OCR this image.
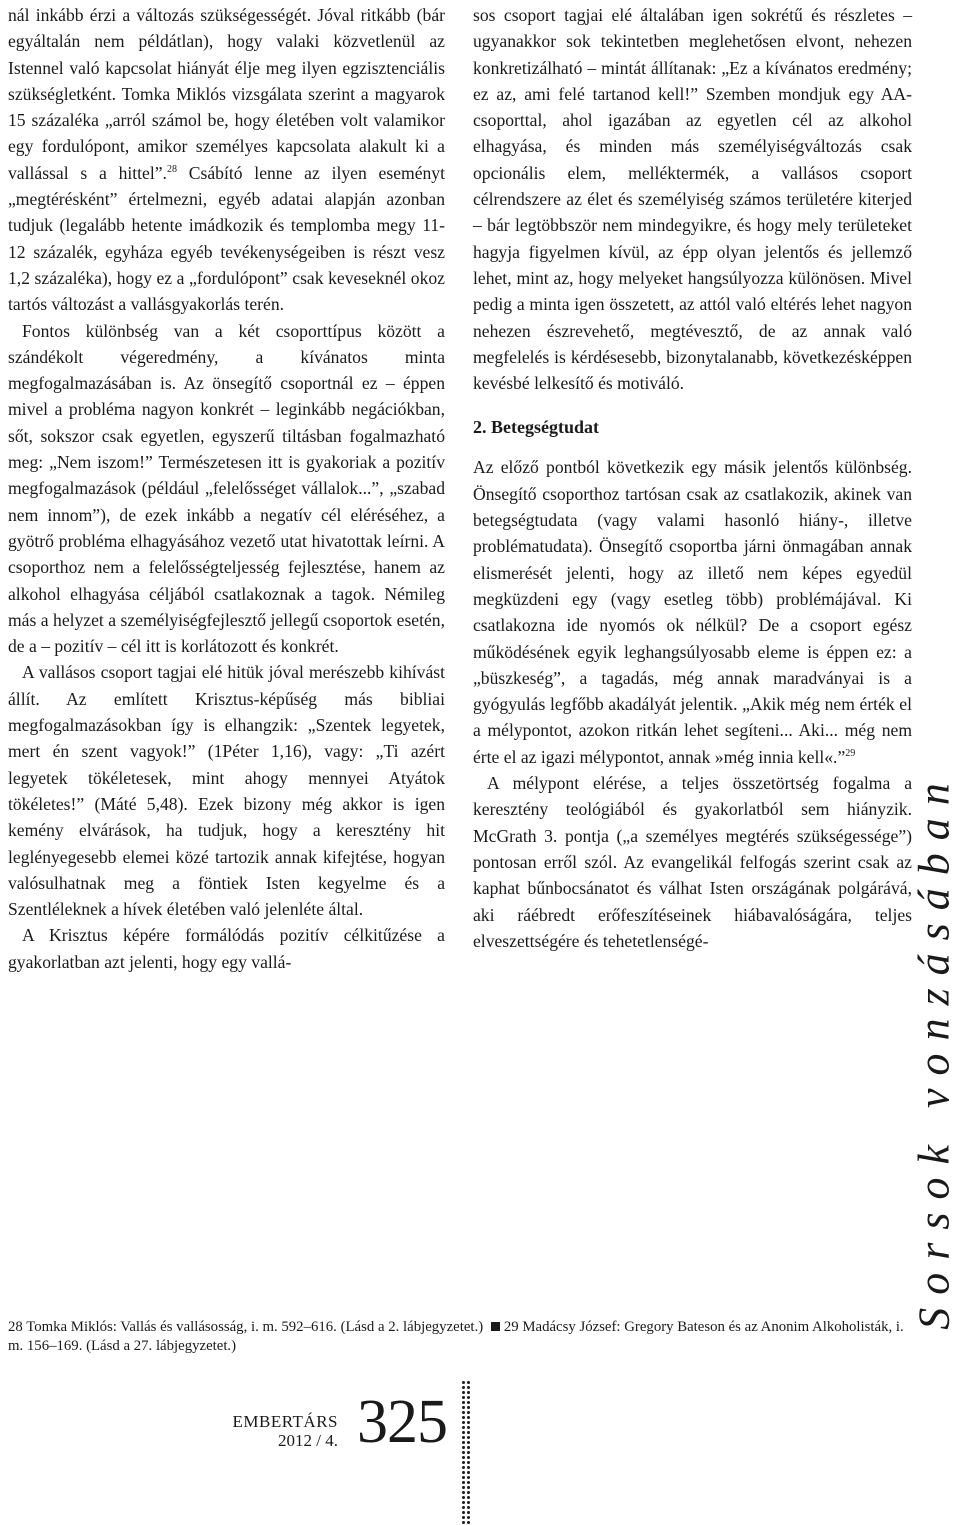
nál inkább érzi a változás szükségességét. Jóval ritkább (bár egyáltalán nem példátlan), hogy valaki közvetlenül az Istennel való kapcsolat hiányát élje meg ilyen egzisztenciális szükségletként. Tomka Miklós vizsgálata szerint a magyarok 15 százaléka „arról számol be, hogy életében volt valamikor egy fordulópont, amikor személyes kapcsolata alakult ki a vallással s a hittel”.$^{28}$ Csábító lenne az ilyen eseményt „megtérésként” értelmezni, egyéb adatai alapján azonban tudjuk (legalább hetente imádkozik és templomba megy 11-12 százalék, egyháza egyéb tevékenységeiben is részt vesz 1,2 százaléka), hogy ez a „fordulópont” csak keveseknél okoz tartós változást a vallásgyakorlás terén.

Fontos különbség van a két csoporttípus között a szándékolt végeredmény, a kívánatos minta megfogalmazásában is. Az önsegítő csoportnál ez – éppen mivel a probléma nagyon konkrét – leginkább negációkban, sőt, sokszor csak egyetlen, egyszerű tiltásban fogalmazható meg: „Nem iszom!” Természetesen itt is gyakoriak a pozitív megfogalmazások (például „felelősséget vállalok...”, „szabad nem innom”), de ezek inkább a negatív cél eléréséhez, a gyötrő probléma elhagyásához vezető utat hivatottak leírni. A csoporthoz nem a felelősségteljesség fejlesztése, hanem az alkohol elhagyása céljából csatlakoznak a tagok. Némileg más a helyzet a személyiségfejlesztő jellegű csoportok esetén, de a – pozitív – cél itt is korlátozott és konkrét.

A vallásos csoport tagjai elé hitük jóval merészebb kihívást állít. Az említett Krisztus-képűség más bibliai megfogalmazásokban így is elhangzik: „Szentek legyetek, mert én szent vagyok!” (1Péter 1,16), vagy: „Ti azért legyetek tökéletesek, mint ahogy mennyei Atyátok tökéletes!” (Máté 5,48). Ezek bizony még akkor is igen kemény elvárások, ha tudjuk, hogy a keresztény hit leglényegesebb elemei közé tartozik annak kifejtése, hogyan valósulhatnak meg a föntiek Isten kegyelme és a Szentléleknek a hívek életében való jelenléte által.

A Krisztus képére formálódás pozitív célkitűzése a gyakorlatban azt jelenti, hogy egy vallá-

sos csoport tagjai elé általában igen sokrétű és részletes – ugyanakkor sok tekintetben meglehetősen elvont, nehezen konkretizálható – mintát állítanak: „Ez a kívánatos eredmény; ez az, ami felé tartanod kell!” Szemben mondjuk egy AA-csoporttal, ahol igazában az egyetlen cél az alkohol elhagyása, és minden más személyiségváltozás csak opcionális elem, melléktermék, a vallásos csoport célrendszere az élet és személyiség számos területére kiterjed – bár legtöbbször nem mindegyikre, és hogy mely területeket hagyja figyelmen kívül, az épp olyan jelentős és jellemző lehet, mint az, hogy melyeket hangsúlyozza különösen. Mivel pedig a minta igen összetett, az attól való eltérés lehet nagyon nehezen észrevehető, megtévesztő, de az annak való megfelelés is kérdésesebb, bizonytalanabb, következésképpen kevésbé lelkesítő és motiváló.

2. Betegségtudat

Az előző pontból következik egy másik jelentős különbség. Önsegítő csoporthoz tartósan csak az csatlakozik, akinek van betegségtudata (vagy valami hasonló hiány-, illetve problématudata). Önsegítő csoportba járni önmagában annak elismerését jelenti, hogy az illető nem képes egyedül megküzdeni egy (vagy esetleg több) problémájával. Ki csatlakozna ide nyomós ok nélkül? De a csoport egész működésének egyik leghangsúlyosabb eleme is éppen ez: a „büszkeség”, a tagadás, még annak maradványai is a gyógyulás legfőbb akadályát jelentik. „Akik még nem érték el a mélypontot, azokon ritkán lehet segíteni... Aki... még nem érte el az igazi mélypontot, annak »még innia kell«.”$^{29}$

A mélypont elérése, a teljes összetörtség fogalma a keresztény teológiából és gyakorlatból sem hiányzik. McGrath 3. pontja („a személyes megtérés szükségessége”) pontosan erről szól. Az evangelikál felfogás szerint csak az kaphat bűnbocsánatot és válhat Isten országának polgárává, aki ráébredt erőfeszítéseinek hiábavalóságára, teljes elveszettségére és tehetetlenségé-

28 Tomka Miklós: Vallás és vallásosság, i. m. 592–616. (Lásd a 2. lábjegyzetet.) 29 Madácsy József: Gregory Bateson és az Anonim Alkoholisták, i. m. 156–169. (Lásd a 27. lábjegyzetet.)
Sorsok vonzásában
EMBERTÁRS
2012 / 4. 325
